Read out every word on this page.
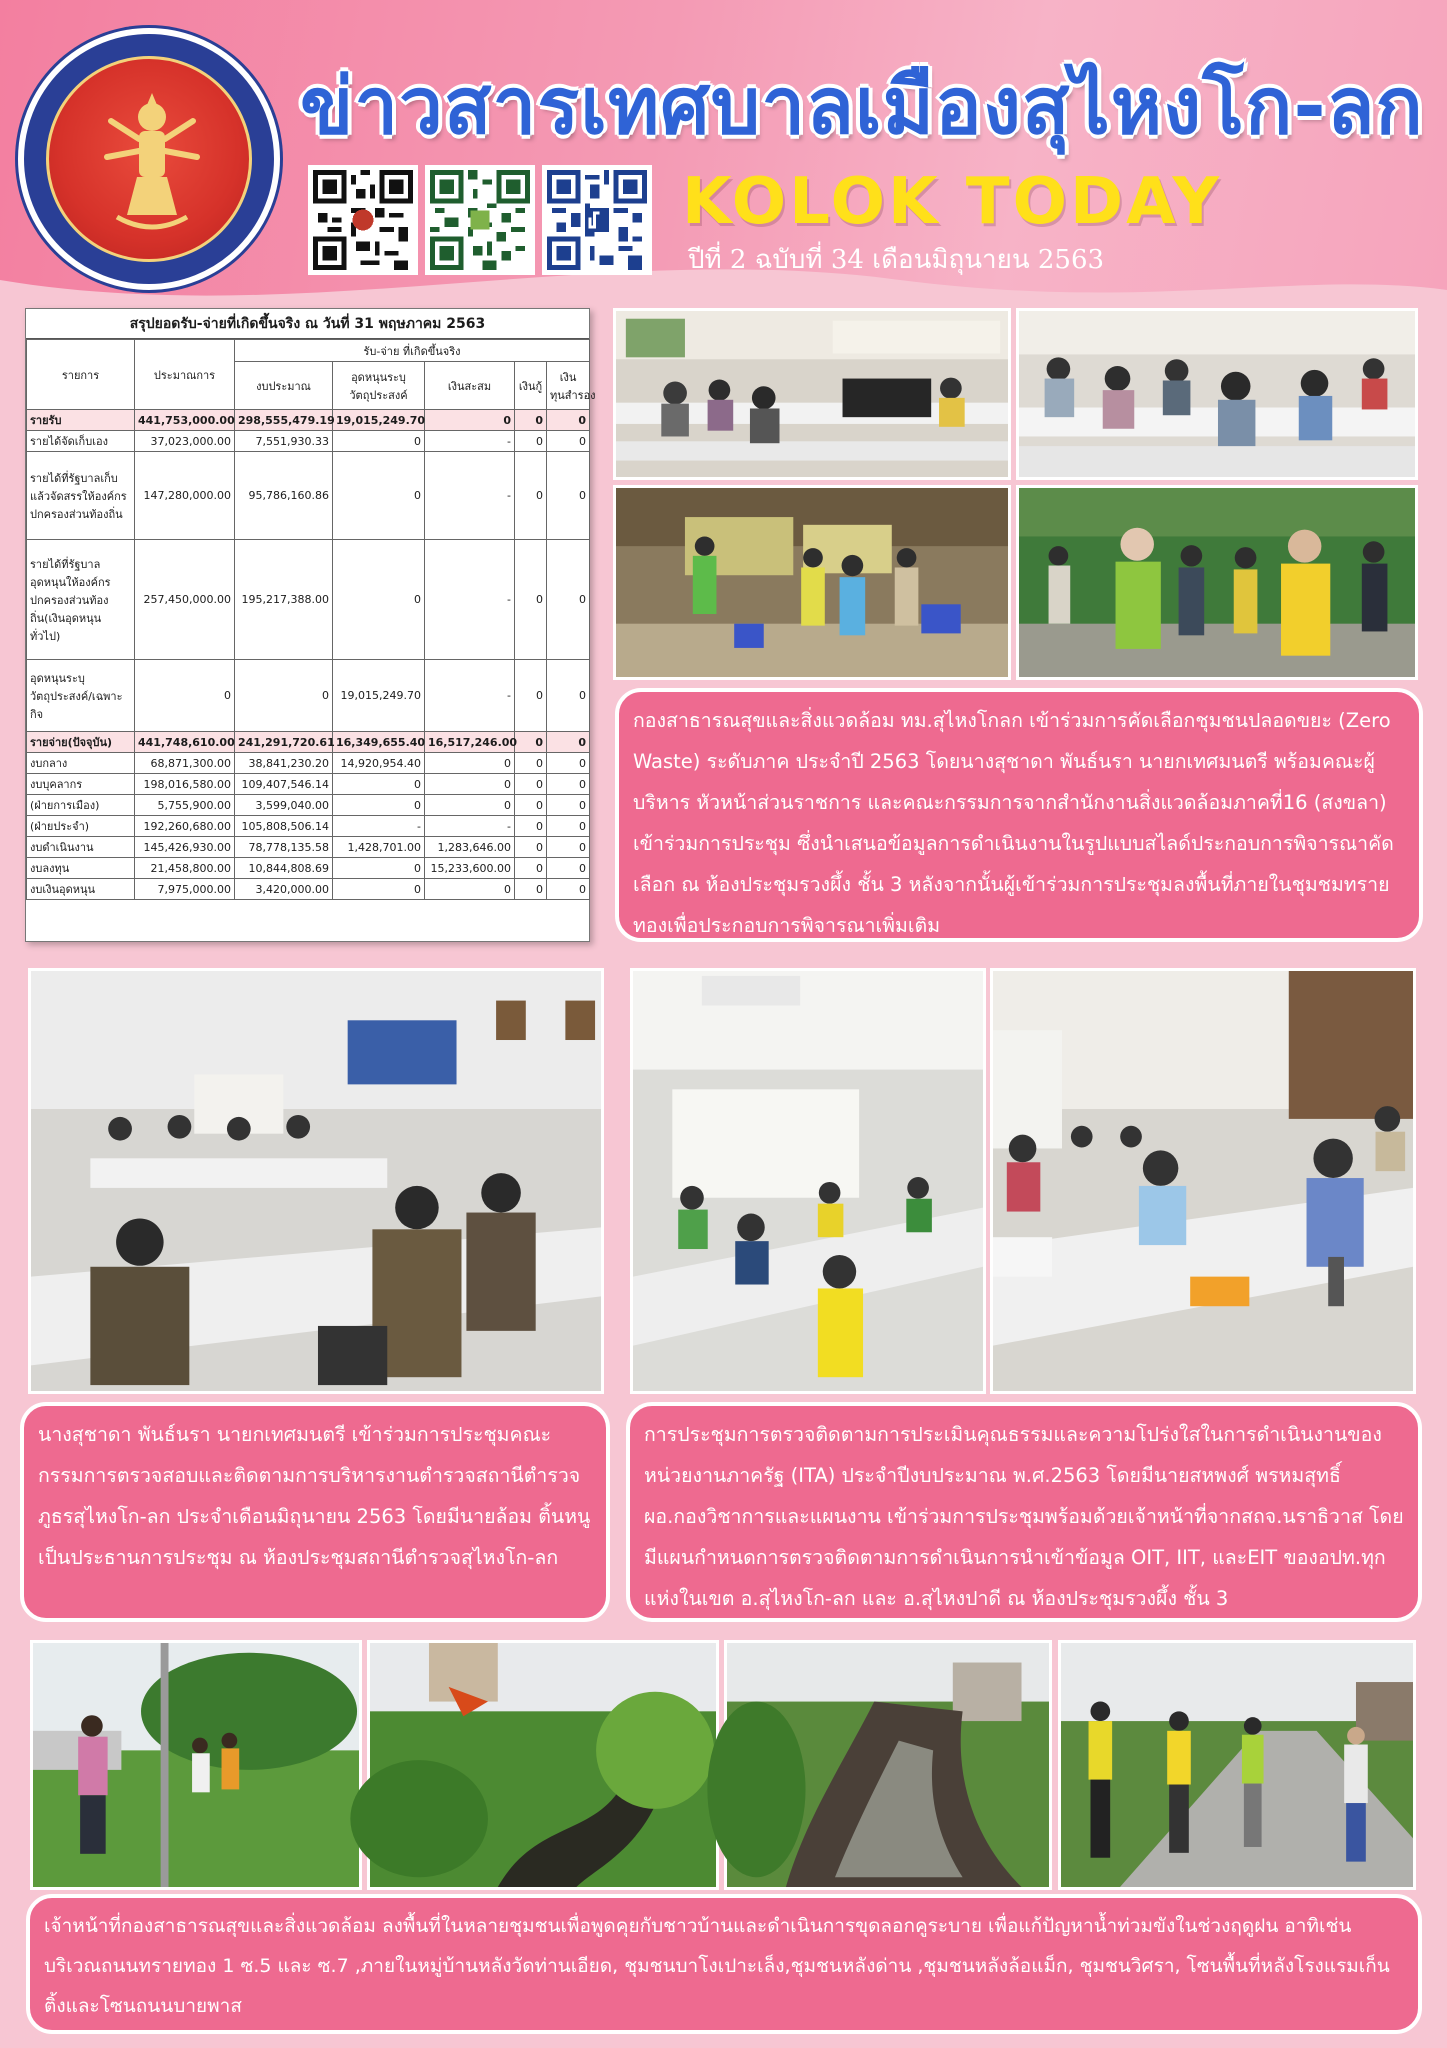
ข่าวสารเทศบาลเมืองสุไหงโก-ลก
KOLOK TODAY
ปีที่ 2 ฉบับที่ 34 เดือนมิถุนายน 2563
สรุปยอดรับ-จ่ายที่เกิดขึ้นจริง ณ วันที่ 31 พฤษภาคม 2563
รายการ	ประมาณการ	รับ-จ่าย ที่เกิดขึ้นจริง				
		งบประมาณ	อุดหนุนระบุวัตถุประสงค์	เงินสะสม	เงินกู้	เงินทุนสำรอง
รายรับ	441,753,000.00	298,555,479.19	19,015,249.70	0	0	0
รายได้จัดเก็บเอง	37,023,000.00	7,551,930.33	0	-	0	0
รายได้ที่รัฐบาลเก็บแล้วจัดสรรให้องค์กรปกครองส่วนท้องถิ่น	147,280,000.00	95,786,160.86	0	-	0	0
รายได้ที่รัฐบาลอุดหนุนให้องค์กรปกครองส่วนท้องถิ่น(เงินอุดหนุนทั่วไป)	257,450,000.00	195,217,388.00	0	-	0	0
อุดหนุนระบุวัตถุประสงค์/เฉพาะกิจ	0	0	19,015,249.70	-	0	0
รายจ่าย(ปัจจุบัน)	441,748,610.00	241,291,720.61	16,349,655.40	16,517,246.00	0	0
งบกลาง	68,871,300.00	38,841,230.20	14,920,954.40	0	0	0
งบบุคลากร	198,016,580.00	109,407,546.14	0	0	0	0
(ฝ่ายการเมือง)	5,755,900.00	3,599,040.00	0	0	0	0
(ฝ่ายประจำ)	192,260,680.00	105,808,506.14	-	-	0	0
งบดำเนินงาน	145,426,930.00	78,778,135.58	1,428,701.00	1,283,646.00	0	0
งบลงทุน	21,458,800.00	10,844,808.69	0	15,233,600.00	0	0
งบเงินอุดหนุน	7,975,000.00	3,420,000.00	0	0	0	0

กองสาธารณสุขและสิ่งแวดล้อม ทม.สุไหงโกลก เข้าร่วมการคัดเลือกชุมชนปลอดขยะ (Zero Waste) ระดับภาค ประจำปี 2563 โดยนางสุชาดา พันธ์นรา นายกเทศมนตรี พร้อมคณะผู้บริหาร หัวหน้าส่วนราชการ และคณะกรรมการจากสำนักงานสิ่งแวดล้อมภาคที่16 (สงขลา) เข้าร่วมการประชุม ซึ่งนำเสนอข้อมูลการดำเนินงานในรูปแบบสไลด์ประกอบการพิจารณาคัดเลือก ณ ห้องประชุมรวงผึ้ง ชั้น 3 หลังจากนั้นผู้เข้าร่วมการประชุมลงพื้นที่ภายในชุมชมทรายทองเพื่อประกอบการพิจารณาเพิ่มเติม

นางสุชาดา พันธ์นรา นายกเทศมนตรี เข้าร่วมการประชุมคณะกรรมการตรวจสอบและติดตามการบริหารงานตำรวจสถานีตำรวจภูธรสุไหงโก-ลก ประจำเดือนมิถุนายน 2563 โดยมีนายล้อม ติ้นหนู เป็นประธานการประชุม ณ ห้องประชุมสถานีตำรวจสุไหงโก-ลก

การประชุมการตรวจติดตามการประเมินคุณธรรมและความโปร่งใสในการดำเนินงานของหน่วยงานภาครัฐ (ITA) ประจำปีงบประมาณ พ.ศ.2563 โดยมีนายสหพงศ์ พรหมสุทธิ์ ผอ.กองวิชาการและแผนงาน เข้าร่วมการประชุมพร้อมด้วยเจ้าหน้าที่จากสถจ.นราธิวาส โดยมีแผนกำหนดการตรวจติดตามการดำเนินการนำเข้าข้อมูล OIT, IIT, และEIT ของอปท.ทุกแห่งในเขต อ.สุไหงโก-ลก และ อ.สุไหงปาดี ณ ห้องประชุมรวงผึ้ง ชั้น 3

เจ้าหน้าที่กองสาธารณสุขและสิ่งแวดล้อม ลงพื้นที่ในหลายชุมชนเพื่อพูดคุยกับชาวบ้านและดำเนินการขุดลอกคูระบาย เพื่อแก้ปัญหาน้ำท่วมขังในช่วงฤดูฝน อาทิเช่น บริเวณถนนทรายทอง 1 ซ.5 และ ซ.7 ,ภายในหมู่บ้านหลังวัดท่านเอียด, ชุมชนบาโงเปาะเล็ง,ชุมชนหลังด่าน ,ชุมชนหลังล้อแม็ก, ชุมชนวิศรา, โซนพื้นที่หลังโรงแรมเก็นติ้งและโซนถนนบายพาส
